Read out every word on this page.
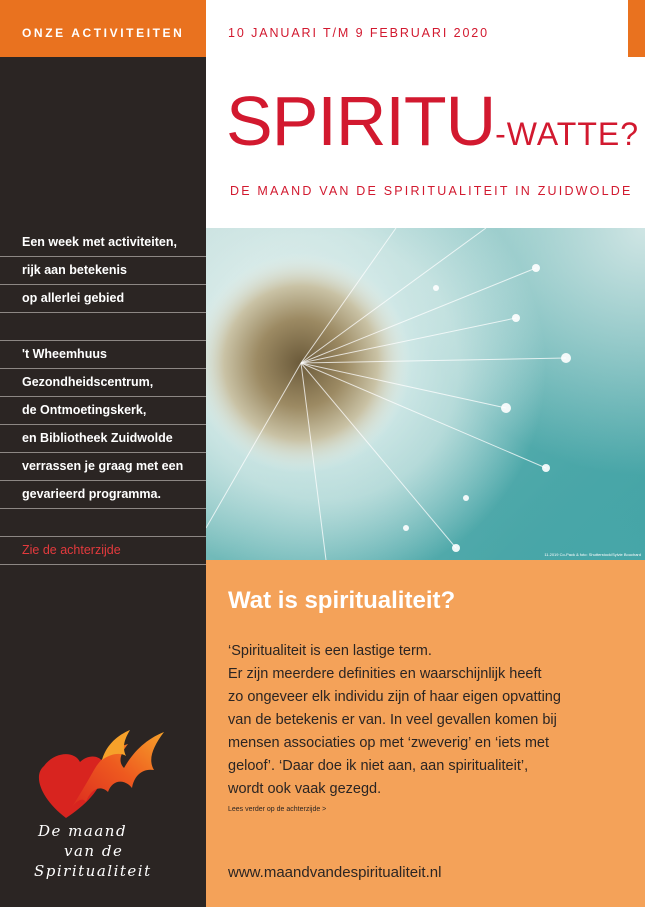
ONZE ACTIVITEITEN	10 JANUARI T/M 9 FEBRUARI 2020
SPIRITU-WATTE?
DE MAAND VAN DE SPIRITUALITEIT IN ZUIDWOLDE
11.2019 Co-Pack & foto: Shutterstock/Sylvie Bouchard
Een week met activiteiten,
rijk aan betekenis
op allerlei gebied
't Wheemhuus
Gezondheidscentrum,
de Ontmoetingskerk,
en Bibliotheek Zuidwolde
verrassen je graag met een
gevarieerd programma.
Zie de achterzijde
Wat is spiritualiteit?
‘Spiritualiteit is een lastige term.
Er zijn meerdere definities en waarschijnlijk heeft
zo ongeveer elk individu zijn of haar eigen opvatting
van de betekenis er van. In veel gevallen komen bij
mensen associaties op met ‘zweverig’ en ‘iets met
geloof’. ‘Daar doe ik niet aan, aan spiritualiteit’,
wordt ook vaak gezegd.
Lees verder op de achterzijde >
www.maandvandespiritualiteit.nl
De maand
van de
Spiritualiteit
